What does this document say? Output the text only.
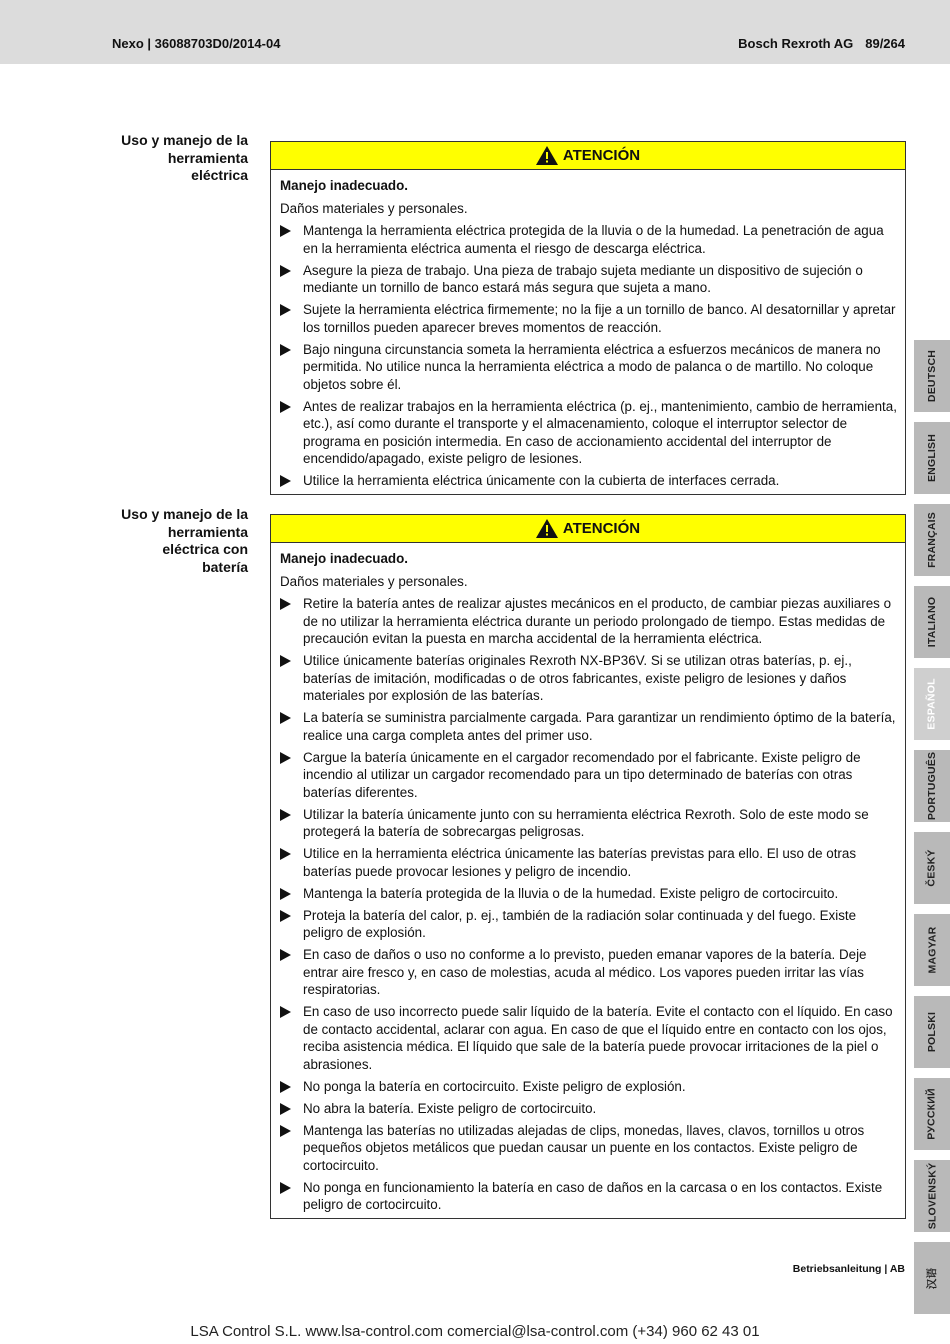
Nexo | 36088703D0/2014-04	Bosch Rexroth AG 89/264
Uso y manejo de la
herramienta
eléctrica
ATENCIÓN
Manejo inadecuado.
Daños materiales y personales.
Mantenga la herramienta eléctrica protegida de la lluvia o de la humedad. La penetración de agua en la herramienta eléctrica aumenta el riesgo de descarga eléctrica.
Asegure la pieza de trabajo. Una pieza de trabajo sujeta mediante un dispositivo de sujeción o mediante un tornillo de banco estará más segura que sujeta a mano.
Sujete la herramienta eléctrica firmemente; no la fije a un tornillo de banco. Al desatornillar y apretar los tornillos pueden aparecer breves momentos de reacción.
Bajo ninguna circunstancia someta la herramienta eléctrica a esfuerzos mecánicos de manera no permitida. No utilice nunca la herramienta eléctrica a modo de palanca o de martillo. No coloque objetos sobre él.
Antes de realizar trabajos en la herramienta eléctrica (p. ej., mantenimiento, cambio de herramienta, etc.), así como durante el transporte y el almacenamiento, coloque el interruptor selector de programa en posición intermedia. En caso de accionamiento accidental del interruptor de encendido/apagado, existe peligro de lesiones.
Utilice la herramienta eléctrica únicamente con la cubierta de interfaces cerrada.
Uso y manejo de la
herramienta
eléctrica con
batería
ATENCIÓN
Manejo inadecuado.
Daños materiales y personales.
Retire la batería antes de realizar ajustes mecánicos en el producto, de cambiar piezas auxiliares o de no utilizar la herramienta eléctrica durante un periodo prolongado de tiempo. Estas medidas de precaución evitan la puesta en marcha accidental de la herramienta eléctrica.
Utilice únicamente baterías originales Rexroth NX-BP36V. Si se utilizan otras baterías, p. ej., baterías de imitación, modificadas o de otros fabricantes, existe peligro de lesiones y daños materiales por explosión de las baterías.
La batería se suministra parcialmente cargada. Para garantizar un rendimiento óptimo de la batería, realice una carga completa antes del primer uso.
Cargue la batería únicamente en el cargador recomendado por el fabricante. Existe peligro de incendio al utilizar un cargador recomendado para un tipo determinado de baterías con otras baterías diferentes.
Utilizar la batería únicamente junto con su herramienta eléctrica Rexroth. Solo de este modo se protegerá la batería de sobrecargas peligrosas.
Utilice en la herramienta eléctrica únicamente las baterías previstas para ello. El uso de otras baterías puede provocar lesiones y peligro de incendio.
Mantenga la batería protegida de la lluvia o de la humedad. Existe peligro de cortocircuito.
Proteja la batería del calor, p. ej., también de la radiación solar continuada y del fuego. Existe peligro de explosión.
En caso de daños o uso no conforme a lo previsto, pueden emanar vapores de la batería. Deje entrar aire fresco y, en caso de molestias, acuda al médico. Los vapores pueden irritar las vías respiratorias.
En caso de uso incorrecto puede salir líquido de la batería. Evite el contacto con el líquido. En caso de contacto accidental, aclarar con agua. En caso de que el líquido entre en contacto con los ojos, reciba asistencia médica. El líquido que sale de la batería puede provocar irritaciones de la piel o abrasiones.
No ponga la batería en cortocircuito. Existe peligro de explosión.
No abra la batería. Existe peligro de cortocircuito.
Mantenga las baterías no utilizadas alejadas de clips, monedas, llaves, clavos, tornillos u otros pequeños objetos metálicos que puedan causar un puente en los contactos. Existe peligro de cortocircuito.
No ponga en funcionamiento la batería en caso de daños en la carcasa o en los contactos. Existe peligro de cortocircuito.
DEUTSCH
ENGLISH
FRANÇAIS
ITALIANO
ESPAÑOL
PORTUGUÊS
ČESKÝ
MAGYAR
POLSKI
РУССКИЙ
SLOVENSKÝ
汉语
Betriebsanleitung | AB
LSA Control S.L. www.lsa-control.com comercial@lsa-control.com (+34) 960 62 43 01
